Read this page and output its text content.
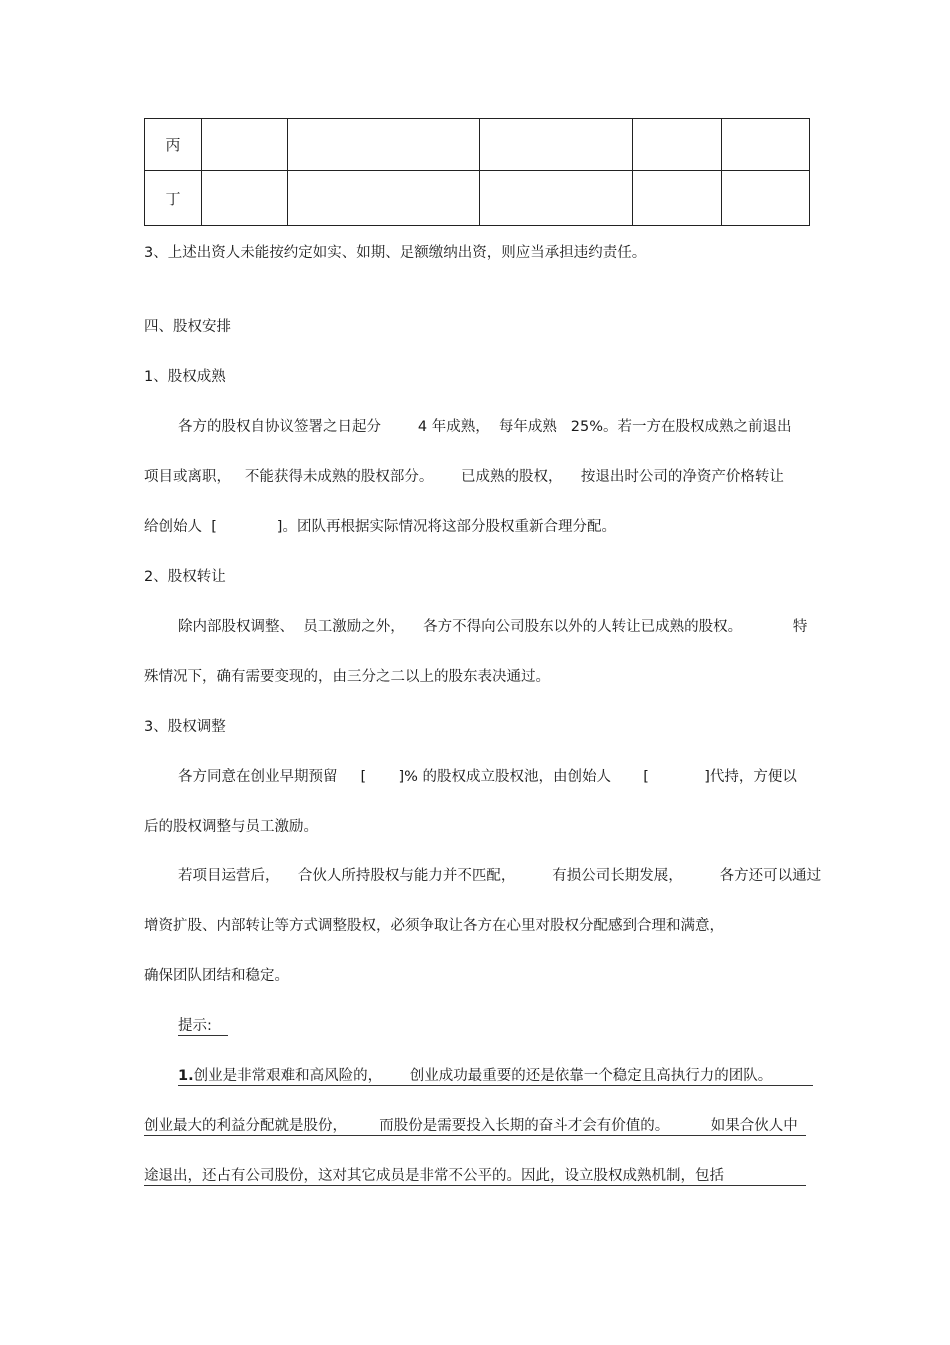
丙					
丁					
3、上述出资人未能按约定如实、如期、足额缴纳出资，则应当承担违约责任。
四、股权安排
1、股权成熟
各方的股权自协议签署之日起分        4 年成熟，  每年成熟   25%。若一方在股权成熟之前退出
项目或离职，   不能获得未成熟的股权部分。      已成熟的股权，    按退出时公司的净资产价格转让
给创始人  [             ]。团队再根据实际情况将这部分股权重新合理分配。
2、股权转让
除内部股权调整、  员工激励之外，    各方不得向公司股东以外的人转让已成熟的股权。           特
殊情况下，确有需要变现的，由三分之二以上的股东表决通过。
3、股权调整
各方同意在创业早期预留     [       ]% 的股权成立股权池，由创始人       [            ]代持，方便以
后的股权调整与员工激励。
若项目运营后，    合伙人所持股权与能力并不匹配，        有损公司长期发展，        各方还可以通过
增资扩股、内部转让等方式调整股权，必须争取让各方在心里对股权分配感到合理和满意，
确保团队团结和稳定。
提示:
1.创业是非常艰难和高风险的，      创业成功最重要的还是依靠一个稳定且高执行力的团队。
创业最大的利益分配就是股份，       而股份是需要投入长期的奋斗才会有价值的。         如果合伙人中
途退出，还占有公司股份，这对其它成员是非常不公平的。因此，设立股权成熟机制，包括
